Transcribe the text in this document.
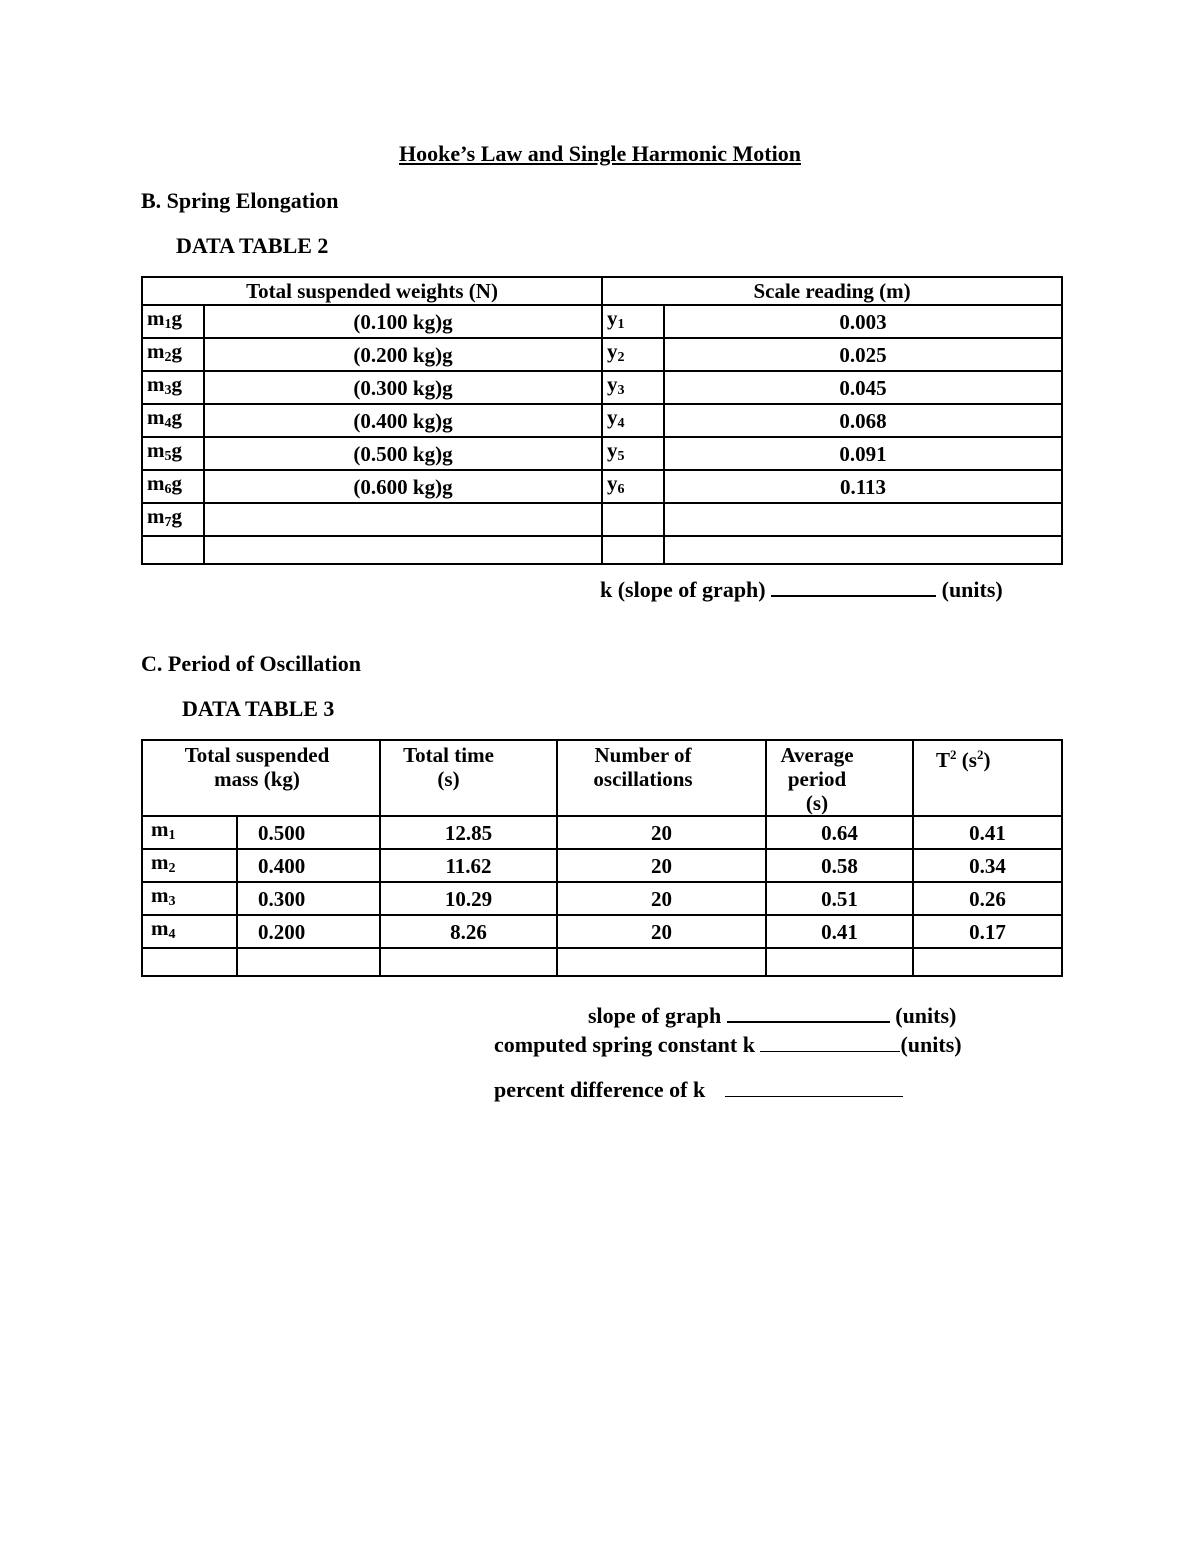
Hooke’s Law and Single Harmonic Motion
B. Spring Elongation
DATA TABLE 2
Total suspended weights (N)		Scale reading (m)	
$m_1g$	(0.100 kg)g	$y_1$	0.003
$m_2g$	(0.200 kg)g	$y_2$	0.025
$m_3g$	(0.300 kg)g	$y_3$	0.045
$m_4g$	(0.400 kg)g	$y_4$	0.068
$m_5g$	(0.500 kg)g	$y_5$	0.091
$m_6g$	(0.600 kg)g	$y_6$	0.113
$m_7g$			

k (slope of graph)	(units)
C. Period of Oscillation
DATA TABLE 3
Total suspended mass (kg)		Total time (s)	Number of oscillations	Average period (s)	$T^2$ $(s^2)$
$m_1$	0.500	12.85	20	0.64	0.41
$m_2$	0.400	11.62	20	0.58	0.34
$m_3$	0.300	10.29	20	0.51	0.26
$m_4$	0.200	8.26	20	0.41	0.17

slope of graph	(units)
computed spring constant k	(units)
percent difference of k
